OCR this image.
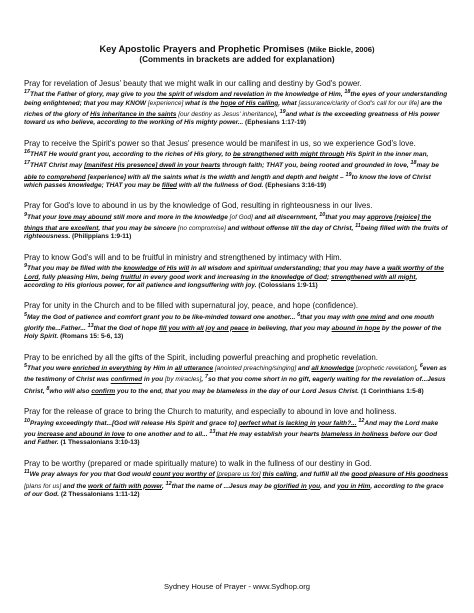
Key Apostolic Prayers and Prophetic Promises (Mike Bickle, 2006)

(Comments in brackets are added for explanation)

Pray for revelation of Jesus' beauty that we might walk in our calling and destiny by God's power.

$^{17}$That the Father of glory, may give to you the spirit of wisdom and revelation in the knowledge of Him, $^{18}$the eyes of your understanding being enlightened; that you may KNOW [experience] what is the hope of His calling, what [assurance/clarity of God's call for our life] are the riches of the glory of His inheritance in the saints [our destiny as Jesus' inheritance], $^{19}$and what is the exceeding greatness of His power toward us who believe, according to the working of His mighty power... (Ephesians 1:17-19)

Pray to receive the Spirit's power so that Jesus' presence would be manifest in us, so we experience God's love.

$^{16}$THAT He would grant you, according to the riches of His glory, to be strengthened with might through His Spirit in the inner man, $^{17}$THAT Christ may [manifest His presence] dwell in your hearts through faith; THAT you, being rooted and grounded in love, $^{18}$may be able to comprehend [experience] with all the saints what is the width and length and depth and height – $^{19}$to know the love of Christ which passes knowledge; THAT you may be filled with all the fullness of God. (Ephesians 3:16-19)

Pray for God's love to abound in us by the knowledge of God, resulting in righteousness in our lives.

$^9$That your love may abound still more and more in the knowledge [of God] and all discernment, $^{10}$that you may approve [rejoice] the things that are excellent, that you may be sincere [no compromise] and without offense till the day of Christ, $^{11}$being filled with the fruits of righteousness. (Philippians 1:9-11)

Pray to know God's will and to be fruitful in ministry and strengthened by intimacy with Him.

$^9$That you may be filled with the knowledge of His will in all wisdom and spiritual understanding; that you may have a walk worthy of the Lord, fully pleasing Him, being fruitful in every good work and increasing in the knowledge of God; strengthened with all might, according to His glorious power, for all patience and longsuffering with joy. (Colossians 1:9-11)

Pray for unity in the Church and to be filled with supernatural joy, peace, and hope (confidence).

$^5$May the God of patience and comfort grant you to be like-minded toward one another... $^6$that you may with one mind and one mouth glorify the...Father... $^{13}$that the God of hope fill you with all joy and peace in believing, that you may abound in hope by the power of the Holy Spirit. (Romans 15: 5-6, 13)

Pray to be enriched by all the gifts of the Spirit, including powerful preaching and prophetic revelation.

$^5$That you were enriched in everything by Him in all utterance [anointed preaching/singing] and all knowledge [prophetic revelation], $^6$even as the testimony of Christ was confirmed in you [by miracles], $^7$so that you come short in no gift, eagerly waiting for the revelation of...Jesus Christ, $^8$who will also confirm you to the end, that you may be blameless in the day of our Lord Jesus Christ. (1 Corinthians 1:5-8)

Pray for the release of grace to bring the Church to maturity, and especially to abound in love and holiness.

$^{10}$Praying exceedingly that...[God will release His Spirit and grace to] perfect what is lacking in your faith?... $^{12}$And may the Lord make you increase and abound in love to one another and to all... $^{13}$that He may establish your hearts blameless in holiness before our God and Father. (1 Thessalonians 3:10-13)

Pray to be worthy (prepared or made spiritually mature) to walk in the fullness of our destiny in God.

$^{11}$We pray always for you that God would count you worthy of [prepare us for] this calling, and fulfill all the good pleasure of His goodness [plans for us] and the work of faith with power, $^{12}$that the name of ...Jesus may be glorified in you, and you in Him, according to the grace of our God. (2 Thessalonians 1:11-12)

Sydney House of Prayer - www.Sydhop.org
